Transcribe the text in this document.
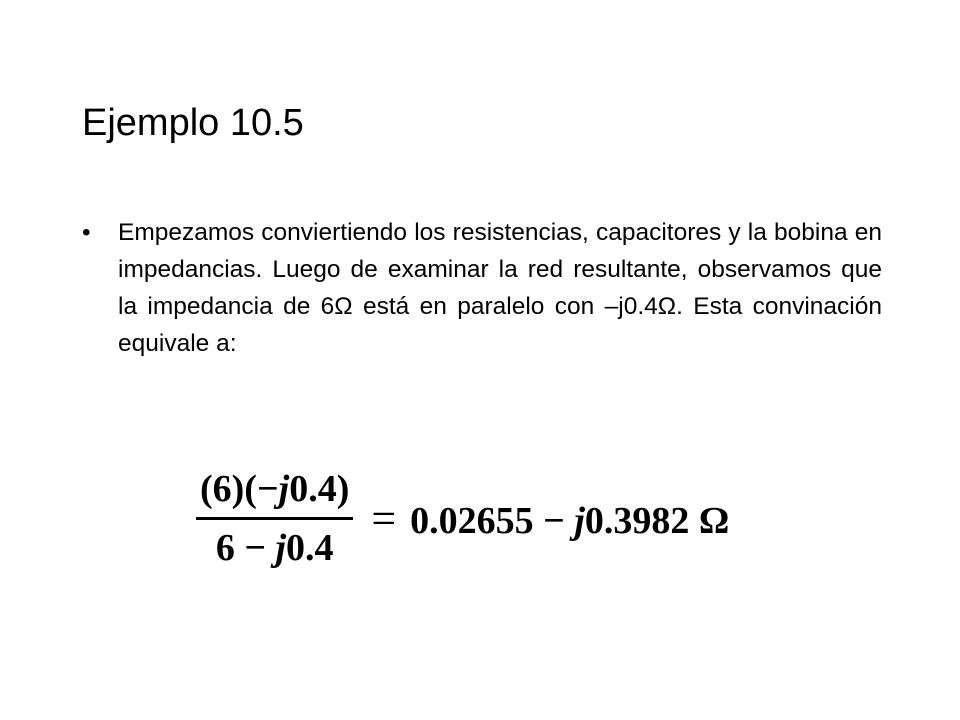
Ejemplo 10.5
•	Empezamos conviertiendo los resistencias, capacitores y la bobina en impedancias. Luego de examinar la red resultante, observamos que la impedancia de 6Ω está en paralelo con –j0.4Ω. Esta convinación equivale a:

$\frac{(6)(-j0.4)}{6 - j0.4} = 0.02655 - j0.3982$ Ω
